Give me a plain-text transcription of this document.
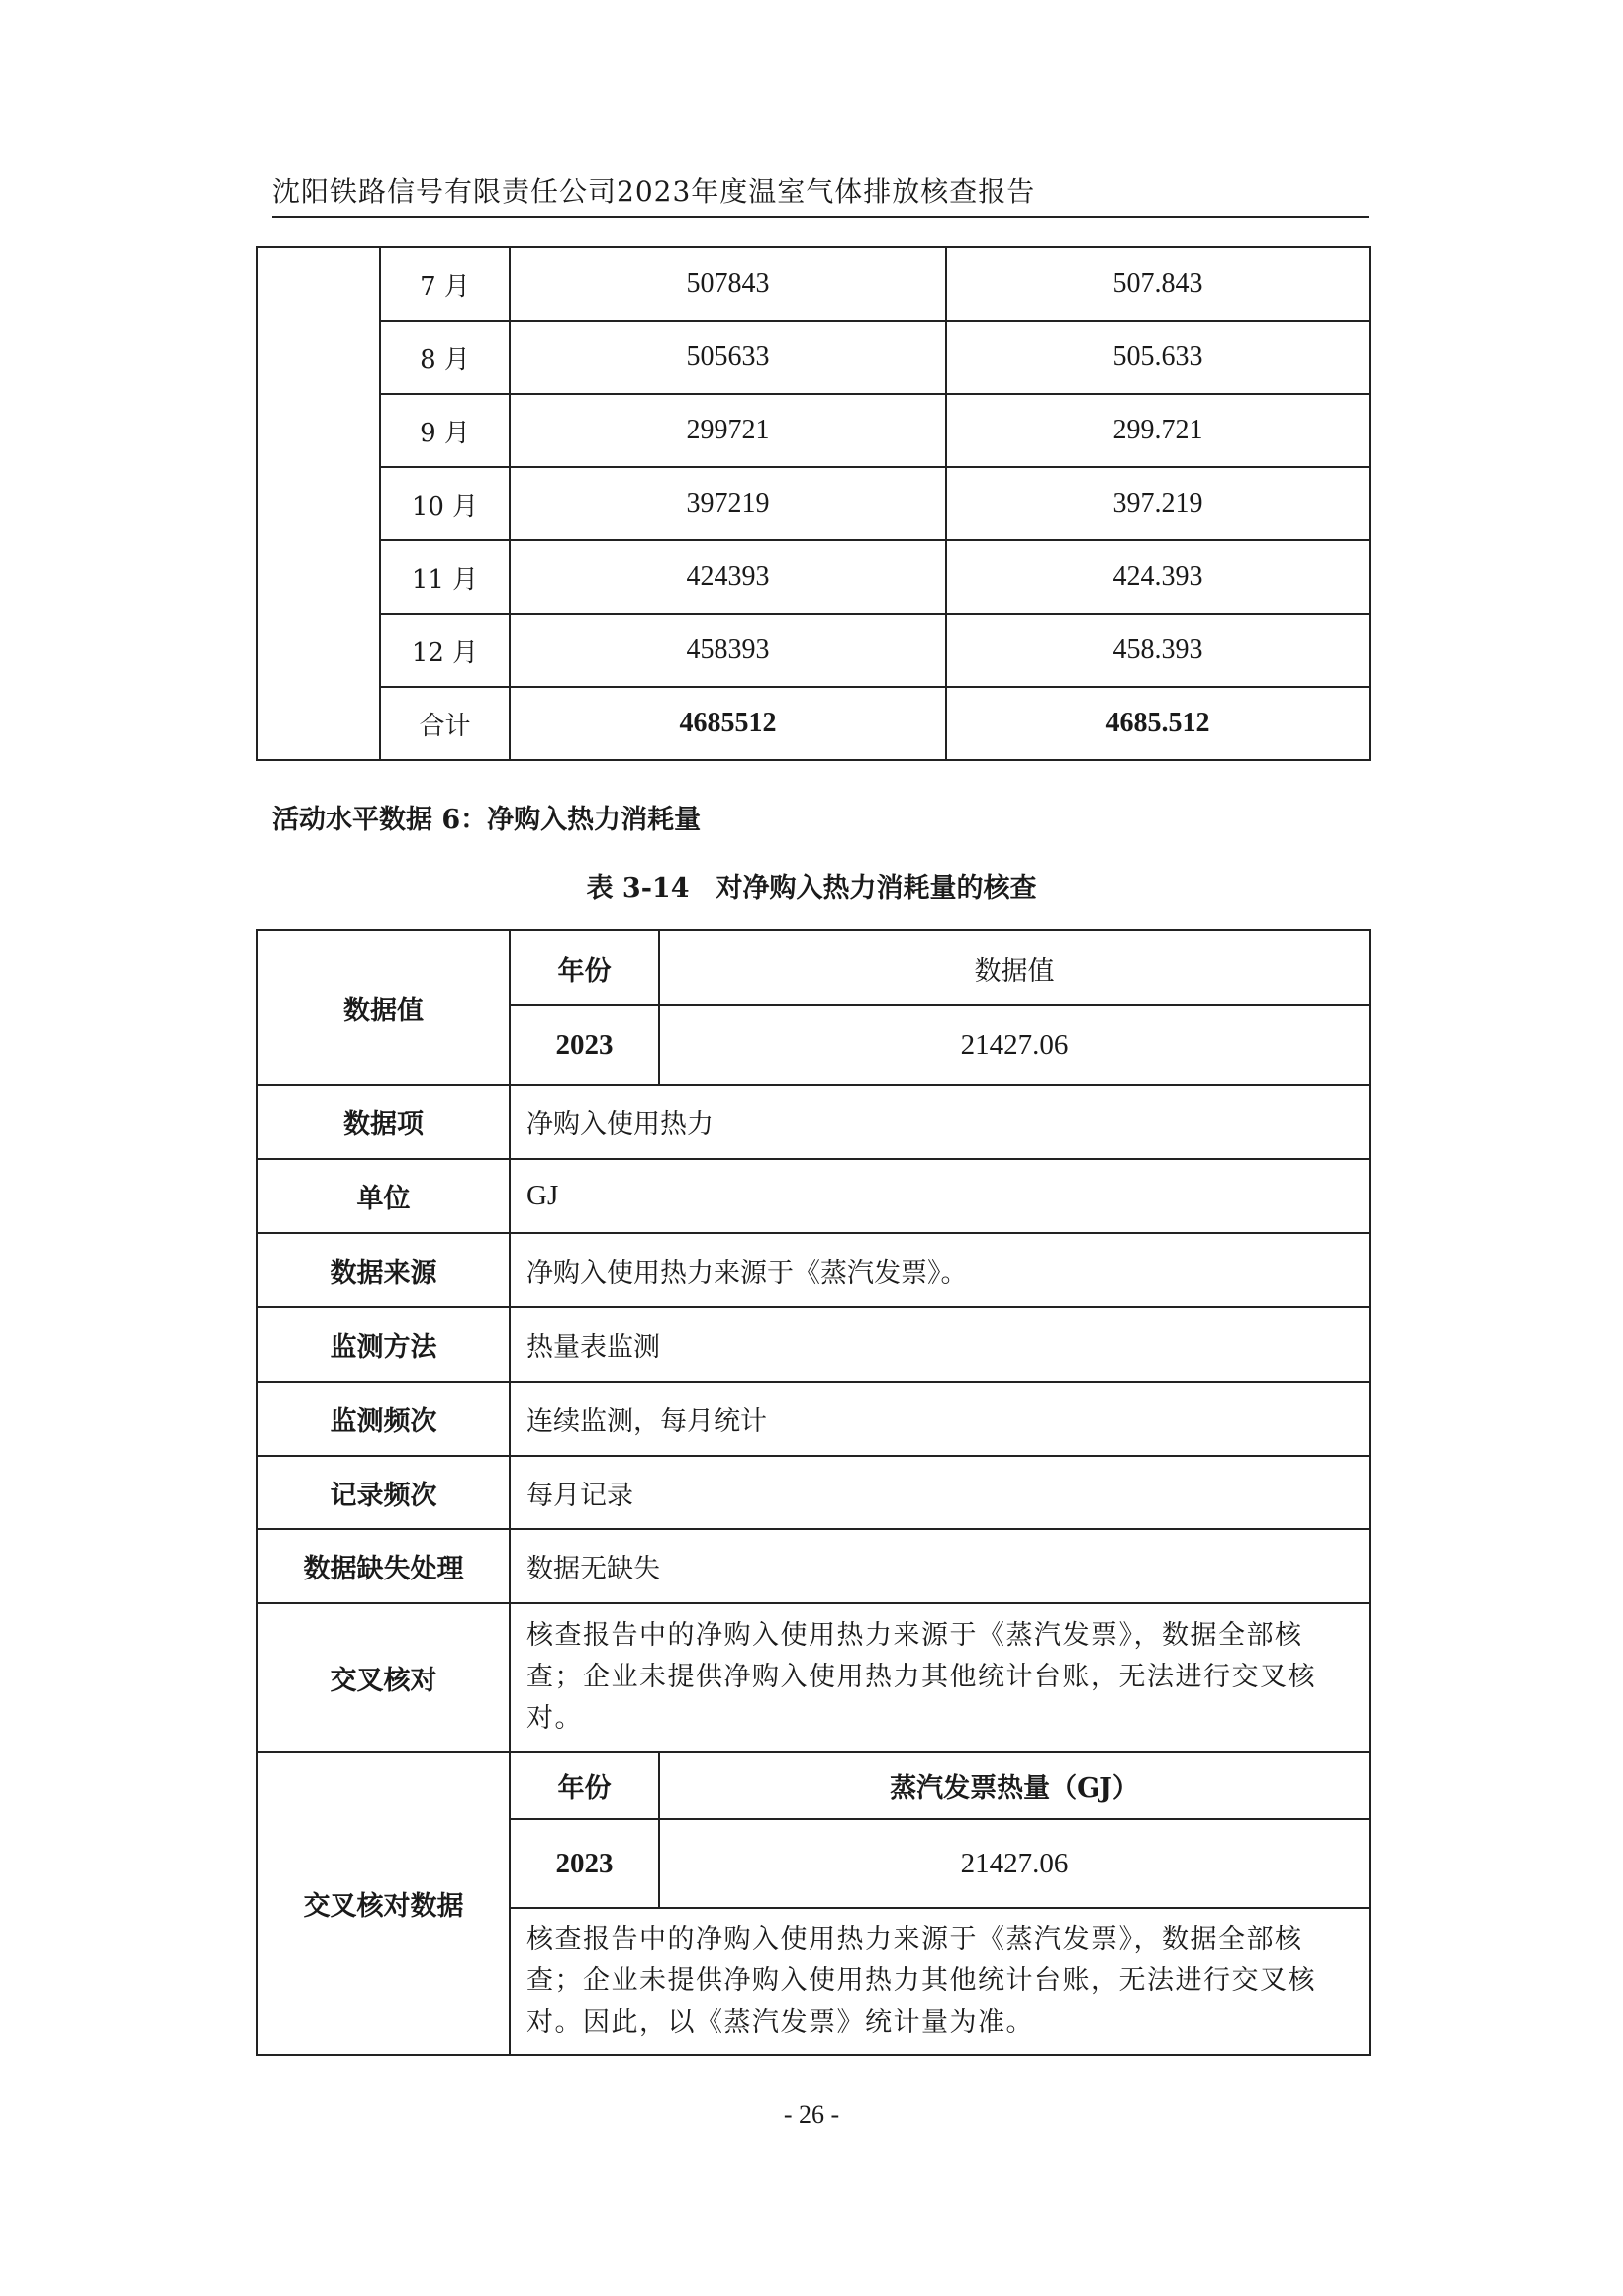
沈阳铁路信号有限责任公司2023年度温室气体排放核查报告
	7 月	507843	507.843
	8 月	505633	505.633
	9 月	299721	299.721
	10 月	397219	397.219
	11 月	424393	424.393
	12 月	458393	458.393
	合计	4685512	4685.512
活动水平数据 6：净购入热力消耗量
表 3-14　对净购入热力消耗量的核查
数据值	年份	数据值
	2023	21427.06
数据项	净购入使用热力	
单位	GJ	
数据来源	净购入使用热力来源于《蒸汽发票》。	
监测方法	热量表监测	
监测频次	连续监测，每月统计	
记录频次	每月记录	
数据缺失处理	数据无缺失	
交叉核对	核查报告中的净购入使用热力来源于《蒸汽发票》，数据全部核查；企业未提供净购入使用热力其他统计台账，无法进行交叉核对。	
交叉核对数据	年份	蒸汽发票热量（GJ）
	2023	21427.06
	核查报告中的净购入使用热力来源于《蒸汽发票》，数据全部核查；企业未提供净购入使用热力其他统计台账，无法进行交叉核对。因此，以《蒸汽发票》统计量为准。	
- 26 -
